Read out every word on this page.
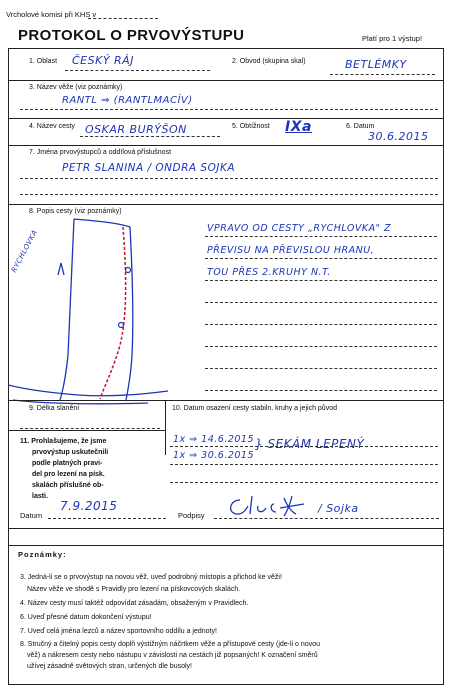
Vrcholové komisi při KHS v
PROTOKOL O PRVOVÝSTUPU	Platí pro 1 výstup!
1. Oblast ČESKÝ RÁJ	2. Obvod (skupina skal)	BETLÉMKY
3. Název věže (viz poznámky)
RANTL ⇒ (RANTLMACÍV)
4. Název cesty OSKAR BURÝŠON	5. Obtížnost IXa	6. Datum
30.6.2015
7. Jména prvovýstupců a oddílová příslušnost
PETR SLANINA / ONDRA SOJKA
8. Popis cesty (viz poznámky)
RYCHLOVKA	VPRAVO OD CESTY „RYCHLOVKA" Z
PŘEVISU NA PŘEVISLOU HRANU,
TOU PŘES 2.KRUHY N.T.
9. Délka slanění	10. Datum osazení cesty stabiln. kruhy a jejich původ
1x ⇒ 14.6.2015
1x ⇒ 30.6.2015
} SEKÁM LEPENÝ
11. Prohlašujeme, že jsme
prvovýstup uskutečnili
podle platných pravi-
del pro lezení na písk.
skalách příslušné ob-
lasti.
Datum
7.9.2015
Podpisy
/ Sojka
Poznámky:
3. Jedná-li se o prvovýstup na novou věž, uveď podrobný místopis a přichod ke věži!
Název věže ve shodě s Pravidly pro lezení na pískovcových skalách.
4. Název cesty musí taktéž odpovídat zásadám, obsaženým v Pravidlech.
6. Uveď přesné datum dokončení výstupu!
7. Uveď celá jména lezců a název sportovního oddílu a jednoty!
8. Stručný a čitelný popis cesty doplň výstižným náčrtkem věže a přístupové cesty (jde-li o novou
věž) a nákresem cesty nebo nástupu v závislosti na cestách již popsaných! K označení směrů
užívej zásadně světových stran, určených dle busoly!
